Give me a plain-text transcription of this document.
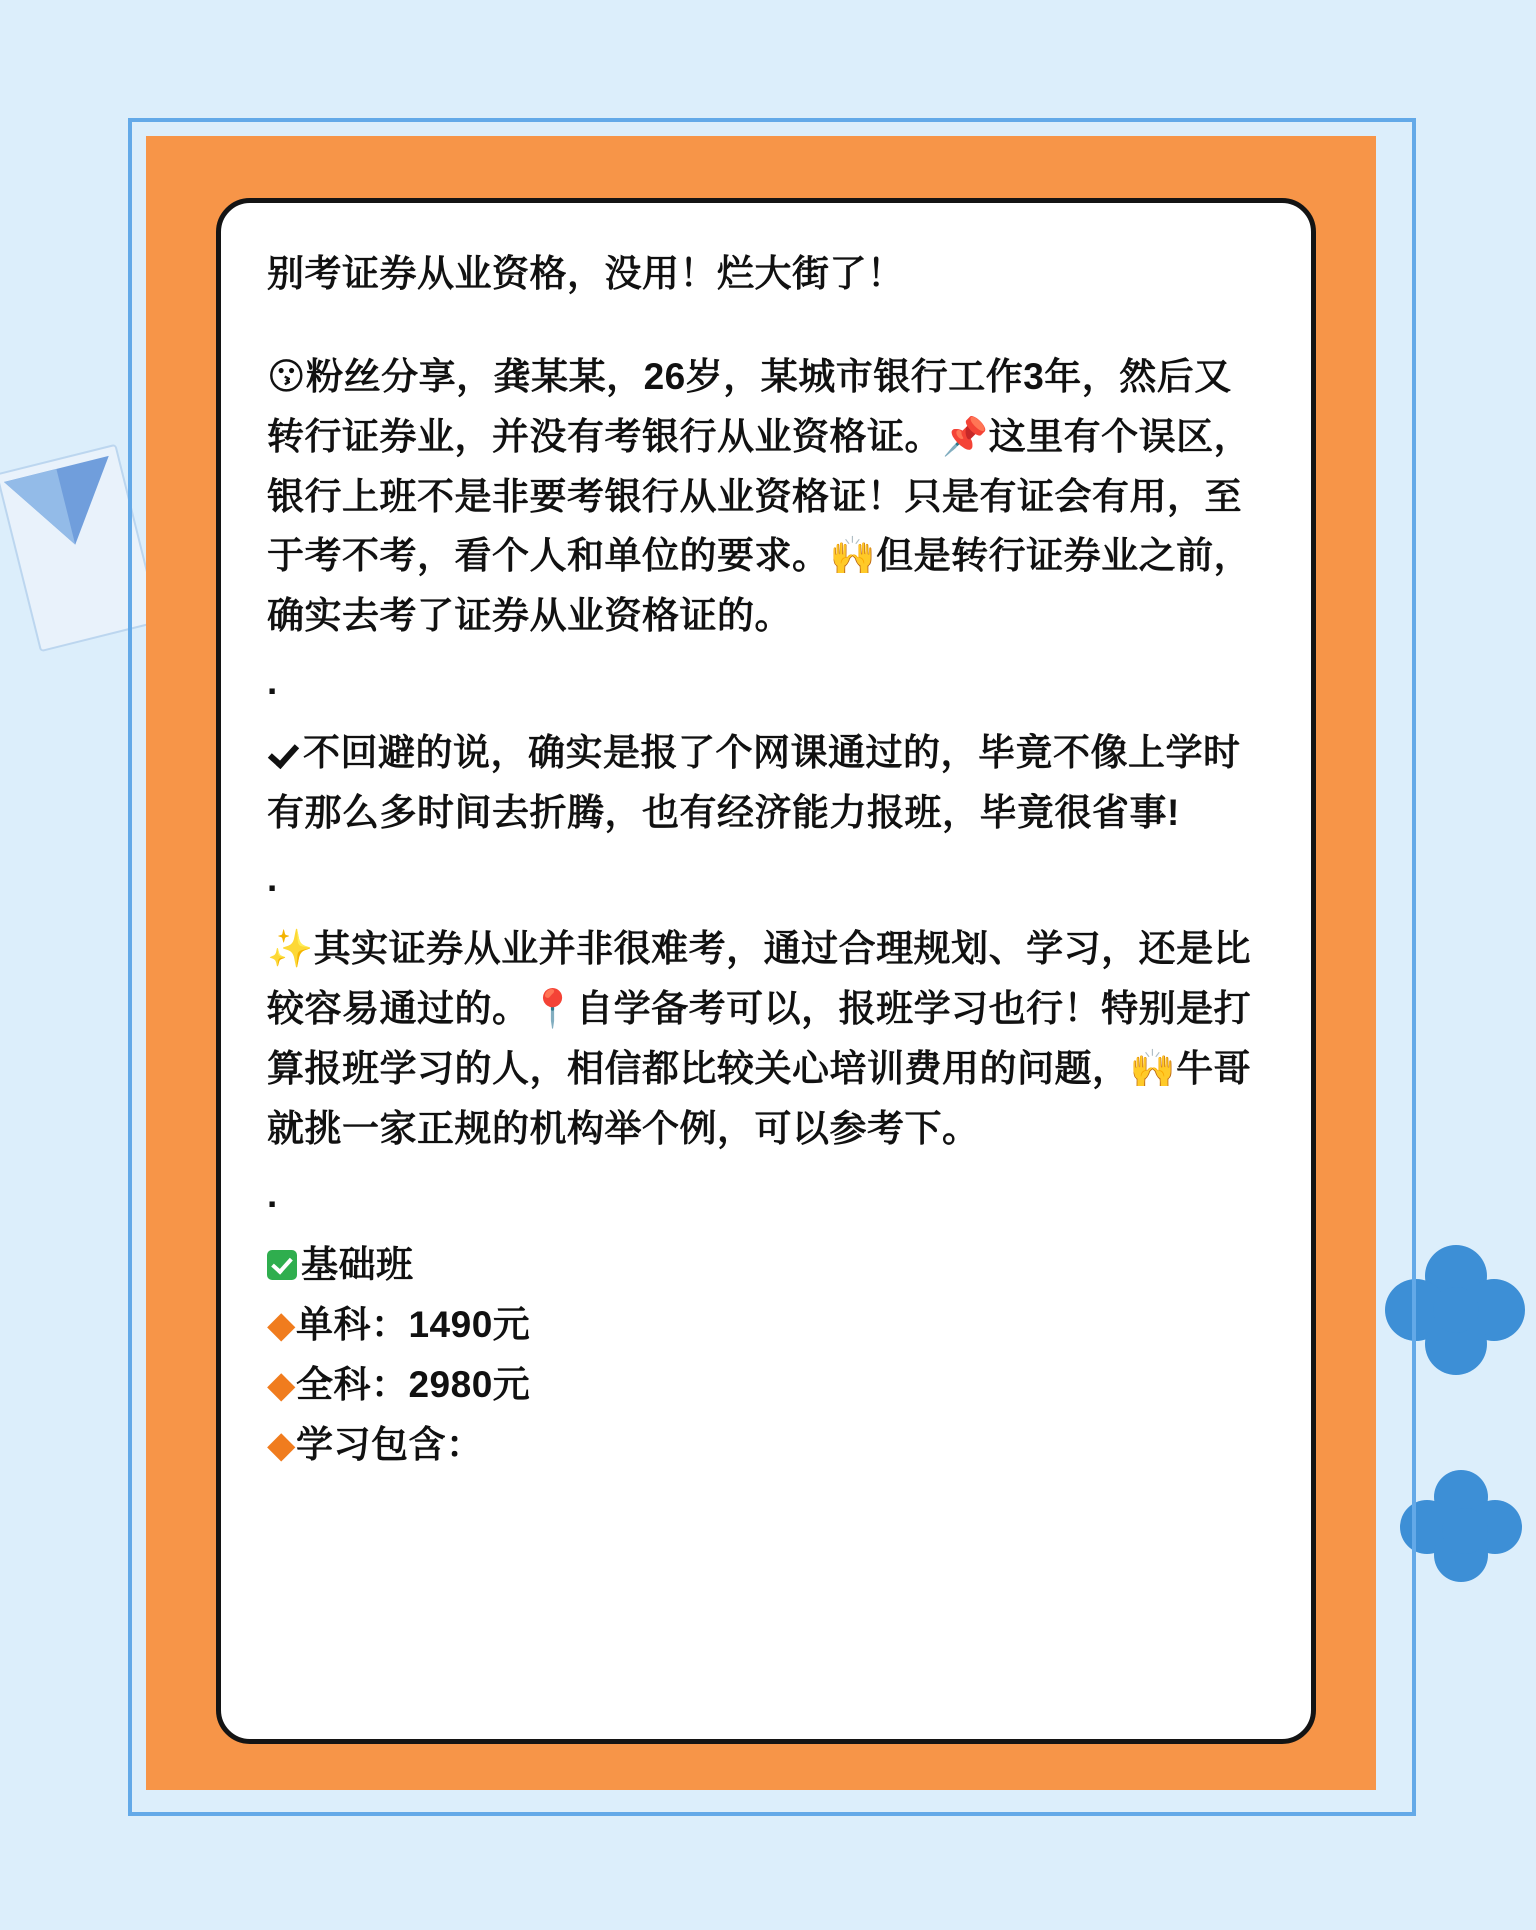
别考证券从业资格，没用！烂大街了！

😗粉丝分享，龚某某，26岁，某城市银行工作3年，然后又转行证券业，并没有考银行从业资格证。📌这里有个误区，银行上班不是非要考银行从业资格证！只是有证会有用，至于考不考，看个人和单位的要求。🙌但是转行证券业之前，确实去考了证券从业资格证的。

.

不回避的说，确实是报了个网课通过的，毕竟不像上学时有那么多时间去折腾，也有经济能力报班，毕竟很省事!

.

✨其实证券从业并非很难考，通过合理规划、学习，还是比较容易通过的。📍自学备考可以，报班学习也行！特别是打算报班学习的人，相信都比较关心培训费用的问题，🙌牛哥就挑一家正规的机构举个例，可以参考下。

.

基础班
◆单科：1490元
◆全科：2980元
◆学习包含：
